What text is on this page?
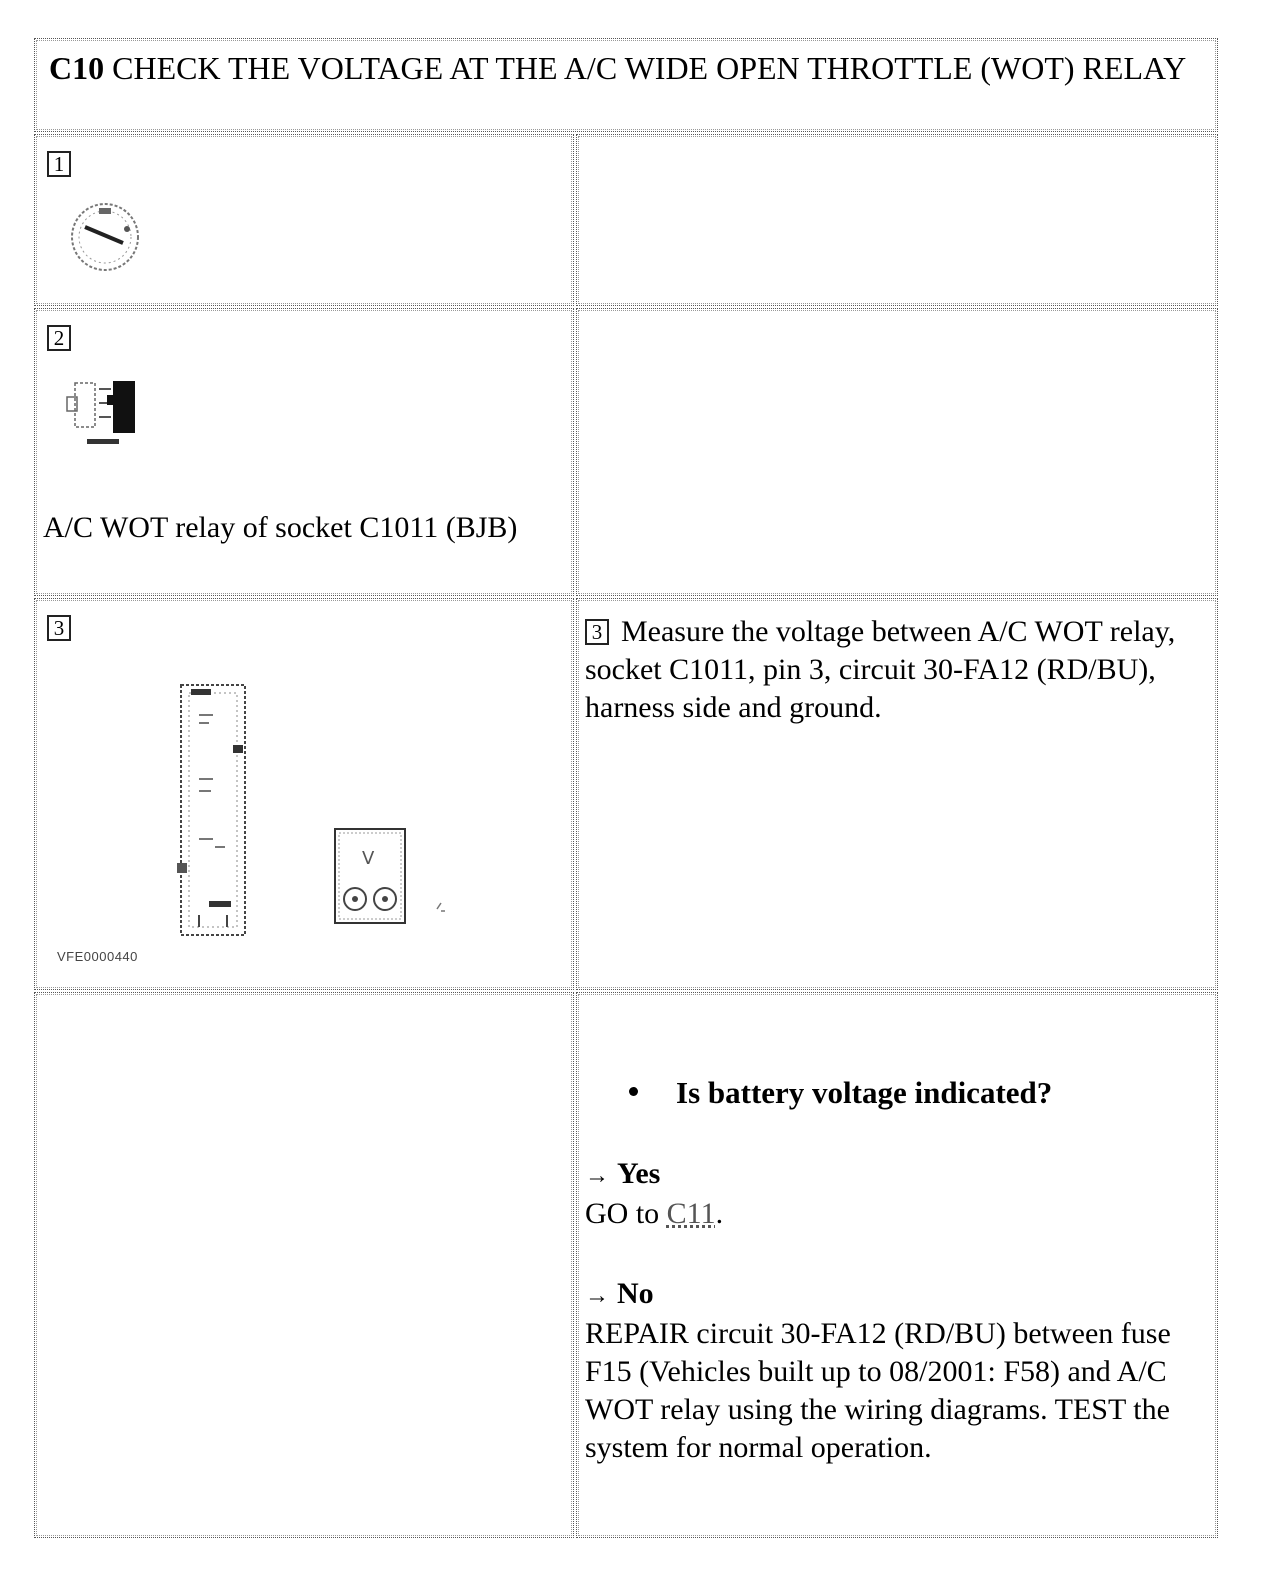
C10 CHECK THE VOLTAGE AT THE A/C WIDE OPEN THROTTLE (WOT) RELAY
1
2
A/C WOT relay of socket C1011 (BJB)
3
V
VFE0000440
3 Measure the voltage between A/C WOT relay, socket C1011, pin 3, circuit 30-FA12 (RD/BU), harness side and ground.
Is battery voltage indicated?
→ Yes
GO to C11.
→ No
REPAIR circuit 30-FA12 (RD/BU) between fuse F15 (Vehicles built up to 08/2001: F58) and A/C WOT relay using the wiring diagrams. TEST the system for normal operation.
